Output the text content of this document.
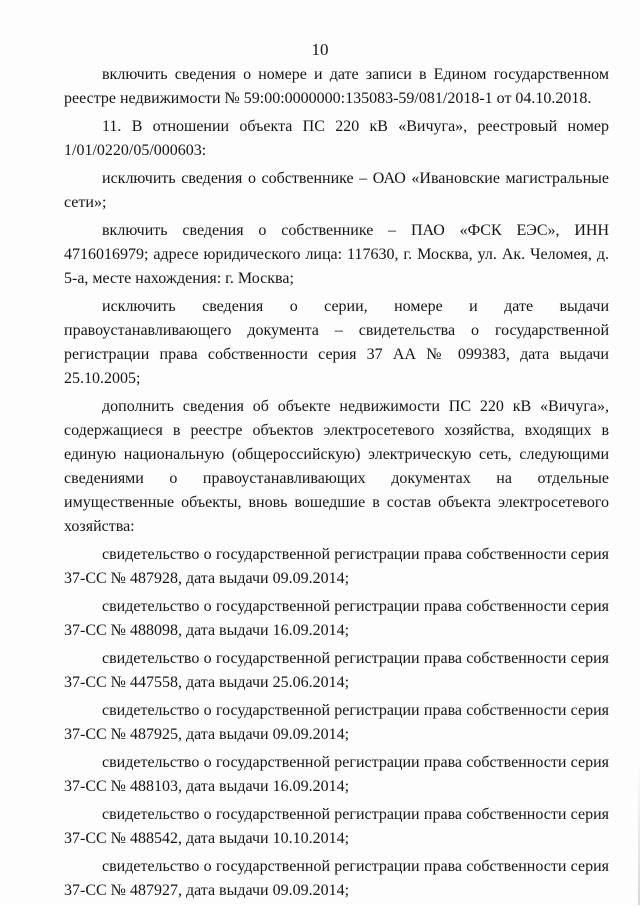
10

включить сведения о номере и дате записи в Едином государственном реестре недвижимости № 59:00:0000000:135083-59/081/2018-1 от 04.10.2018.

11. В отношении объекта ПС 220 кВ «Вичуга», реестровый номер 1/01/0220/05/000603:

исключить сведения о собственнике – ОАО «Ивановские магистральные сети»;

включить сведения о собственнике – ПАО «ФСК ЕЭС», ИНН 4716016979; адресе юридического лица: 117630, г. Москва, ул. Ак. Челомея, д. 5-а, месте нахождения: г. Москва;

исключить сведения о серии, номере и дате выдачи правоустанавливающего документа – свидетельства о государственной регистрации права собственности серия 37 АА № 099383, дата выдачи 25.10.2005;

дополнить сведения об объекте недвижимости ПС 220 кВ «Вичуга», содержащиеся в реестре объектов электросетевого хозяйства, входящих в единую национальную (общероссийскую) электрическую сеть, следующими сведениями о правоустанавливающих документах на отдельные имущественные объекты, вновь вошедшие в состав объекта электросетевого хозяйства:

свидетельство о государственной регистрации права собственности серия 37-СС № 487928, дата выдачи 09.09.2014;

свидетельство о государственной регистрации права собственности серия 37-СС № 488098, дата выдачи 16.09.2014;

свидетельство о государственной регистрации права собственности серия 37-СС № 447558, дата выдачи 25.06.2014;

свидетельство о государственной регистрации права собственности серия 37-СС № 487925, дата выдачи 09.09.2014;

свидетельство о государственной регистрации права собственности серия 37-СС № 488103, дата выдачи 16.09.2014;

свидетельство о государственной регистрации права собственности серия 37-СС № 488542, дата выдачи 10.10.2014;

свидетельство о государственной регистрации права собственности серия 37-СС № 487927, дата выдачи 09.09.2014;
